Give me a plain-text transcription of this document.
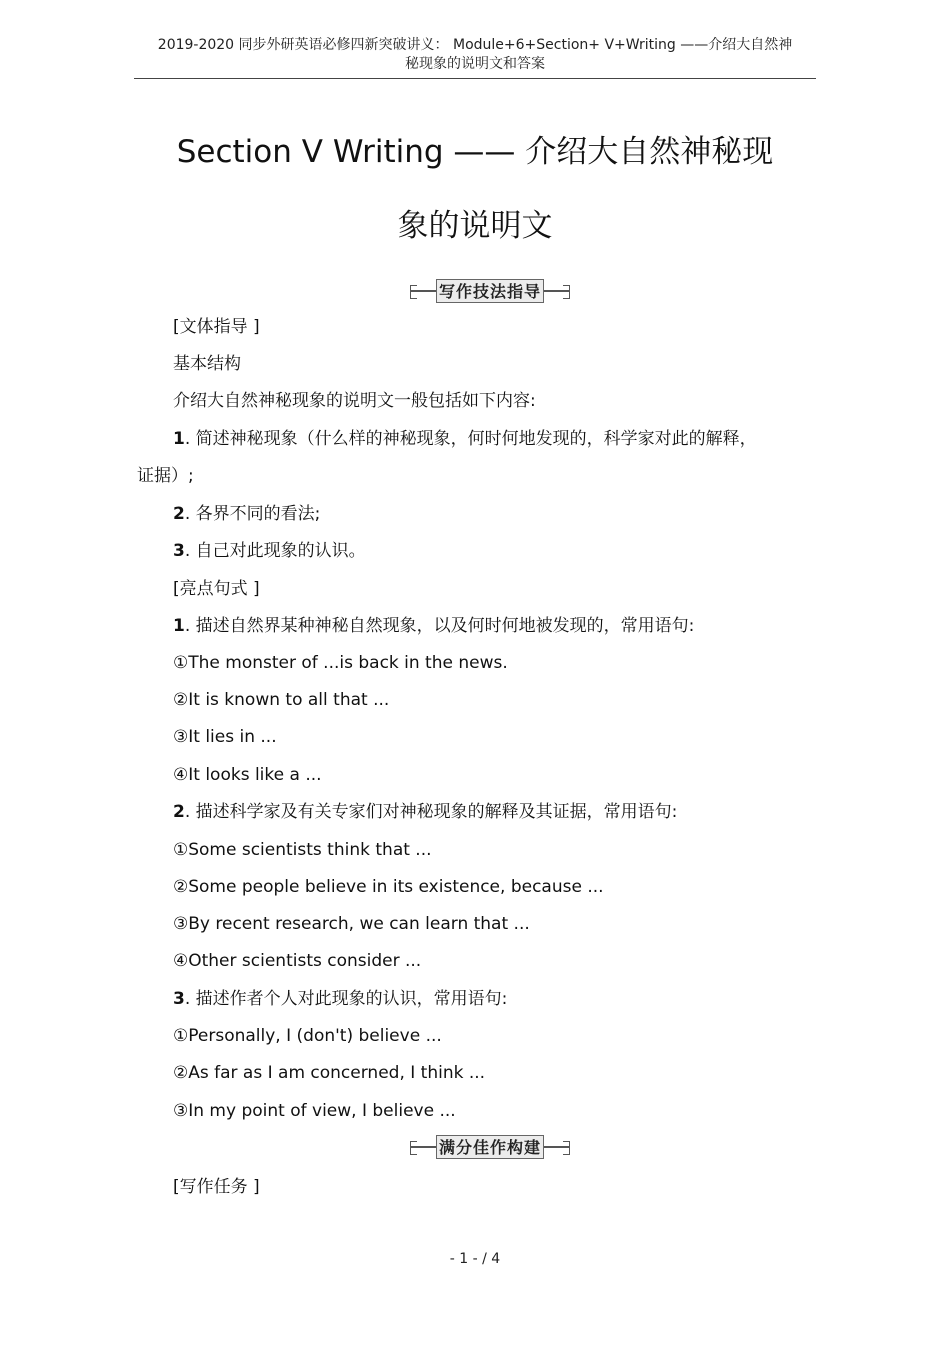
2019-2020 同步外研英语必修四新突破讲义： Module+6+Section+ Ⅴ+Writing ——介绍大自然神
秘现象的说明文和答案
Section Ⅴ Writing —— 介绍大自然神秘现
象的说明文
写作技法指导
[文体指导 ]
基本结构
介绍大自然神秘现象的说明文一般包括如下内容:
1. 简述神秘现象（什么样的神秘现象，何时何地发现的，科学家对此的解释，
证据）;
2. 各界不同的看法;
3. 自己对此现象的认识。
[亮点句式 ]
1. 描述自然界某种神秘自然现象，以及何时何地被发现的，常用语句:
①The monster of ...is back in the news.
②It is known to all that ...
③It lies in ...
④It looks like a ...
2. 描述科学家及有关专家们对神秘现象的解释及其证据，常用语句:
①Some scientists think that ...
②Some people believe in its existence, because ...
③By recent research, we can learn that ...
④Other scientists consider ...
3. 描述作者个人对此现象的认识，常用语句:
①Personally, I (don't) believe ...
②As far as I am concerned, I think ...
③In my point of view, I believe ...
满分佳作构建
[写作任务 ]
- 1 - / 4
